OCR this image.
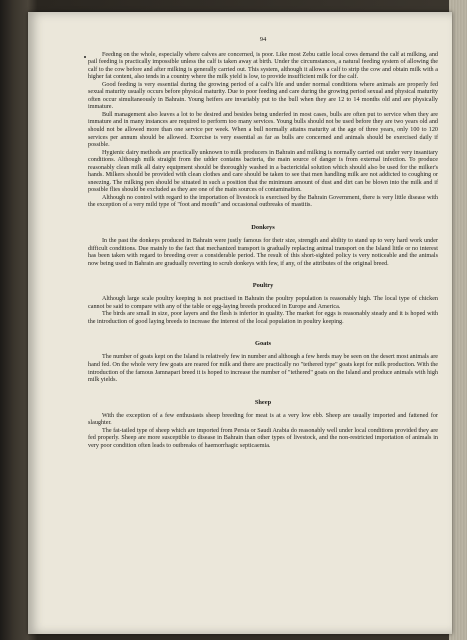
94

Feeding on the whole, especially where calves are concerned, is poor. Like most Zebu cattle local cows demand the calf at milking, and pail feeding is practically impossible unless the calf is taken away at birth. Under the circumstances, a natural feeding system of allowing the calf to the cow before and after milking is generally carried out. This system, although it allows a calf to strip the cow and obtain milk with a higher fat content, also tends in a country where the milk yield is low, to provide insufficient milk for the calf.

Good feeding is very essential during the growing period of a calf's life and under normal conditions where animals are properly fed sexual maturity usually occurs before physical maturity. Due to poor feeding and care during the growing period sexual and physical maturity often occur simultaneously in Bahrain. Young heifers are invariably put to the bull when they are 12 to 14 months old and are physically immature.

Bull management also leaves a lot to be desired and besides being underfed in most cases, bulls are often put to service when they are immature and in many instances are required to perform too many services. Young bulls should not be used before they are two years old and should not be allowed more than one service per week. When a bull normally attains maturity at the age of three years, only 100 to 120 services per annum should be allowed. Exercise is very essential as far as bulls are concerned and animals should be exercised daily if possible.

Hygienic dairy methods are practically unknown to milk producers in Bahrain and milking is normally carried out under very insanitary conditions. Although milk straight from the udder contains bacteria, the main source of danger is from external infection. To produce reasonably clean milk all dairy equipment should be thoroughly washed in a bactericidal solution which should also be used for the milker's hands. Milkers should be provided with clean clothes and care should be taken to see that men handling milk are not addicted to coughing or sneezing. The milking pen should be situated in such a position that the minimum amount of dust and dirt can be blown into the milk and if possible flies should be excluded as they are one of the main sources of contamination.

Although no control with regard to the importation of livestock is exercised by the Bahrain Government, there is very little disease with the exception of a very mild type of "foot and mouth" and occasional outbreaks of mastitis.

Donkeys

In the past the donkeys produced in Bahrain were justly famous for their size, strength and ability to stand up to very hard work under difficult conditions. Due mainly to the fact that mechanized transport is gradually replacing animal transport on the Island little or no interest has been taken with regard to breeding over a considerable period. The result of this short-sighted policy is very noticeable and the animals now being used in Bahrain are gradually reverting to scrub donkeys with few, if any, of the attributes of the original breed.

Poultry

Although large scale poultry keeping is not practised in Bahrain the poultry population is reasonably high. The local type of chicken cannot be said to compare with any of the table or egg-laying breeds produced in Europe and America.

The birds are small in size, poor layers and the flesh is inferior in quality. The market for eggs is reasonably steady and it is hoped with the introduction of good laying breeds to increase the interest of the local population in poultry keeping.

Goats

The number of goats kept on the Island is relatively few in number and although a few herds may be seen on the desert most animals are hand fed. On the whole very few goats are reared for milk and there are practically no "tethered type" goats kept for milk production. With the introduction of the famous Jamnapari breed it is hoped to increase the number of "tethered" goats on the Island and produce animals with high milk yields.

Sheep

With the exception of a few enthusiasts sheep breeding for meat is at a very low ebb. Sheep are usually imported and fattened for slaughter.

The fat-tailed type of sheep which are imported from Persia or Saudi Arabia do reasonably well under local conditions provided they are fed properly. Sheep are more susceptible to disease in Bahrain than other types of livestock, and the non-restricted importation of animals in very poor condition often leads to outbreaks of haemorrhagic septicaemia.
